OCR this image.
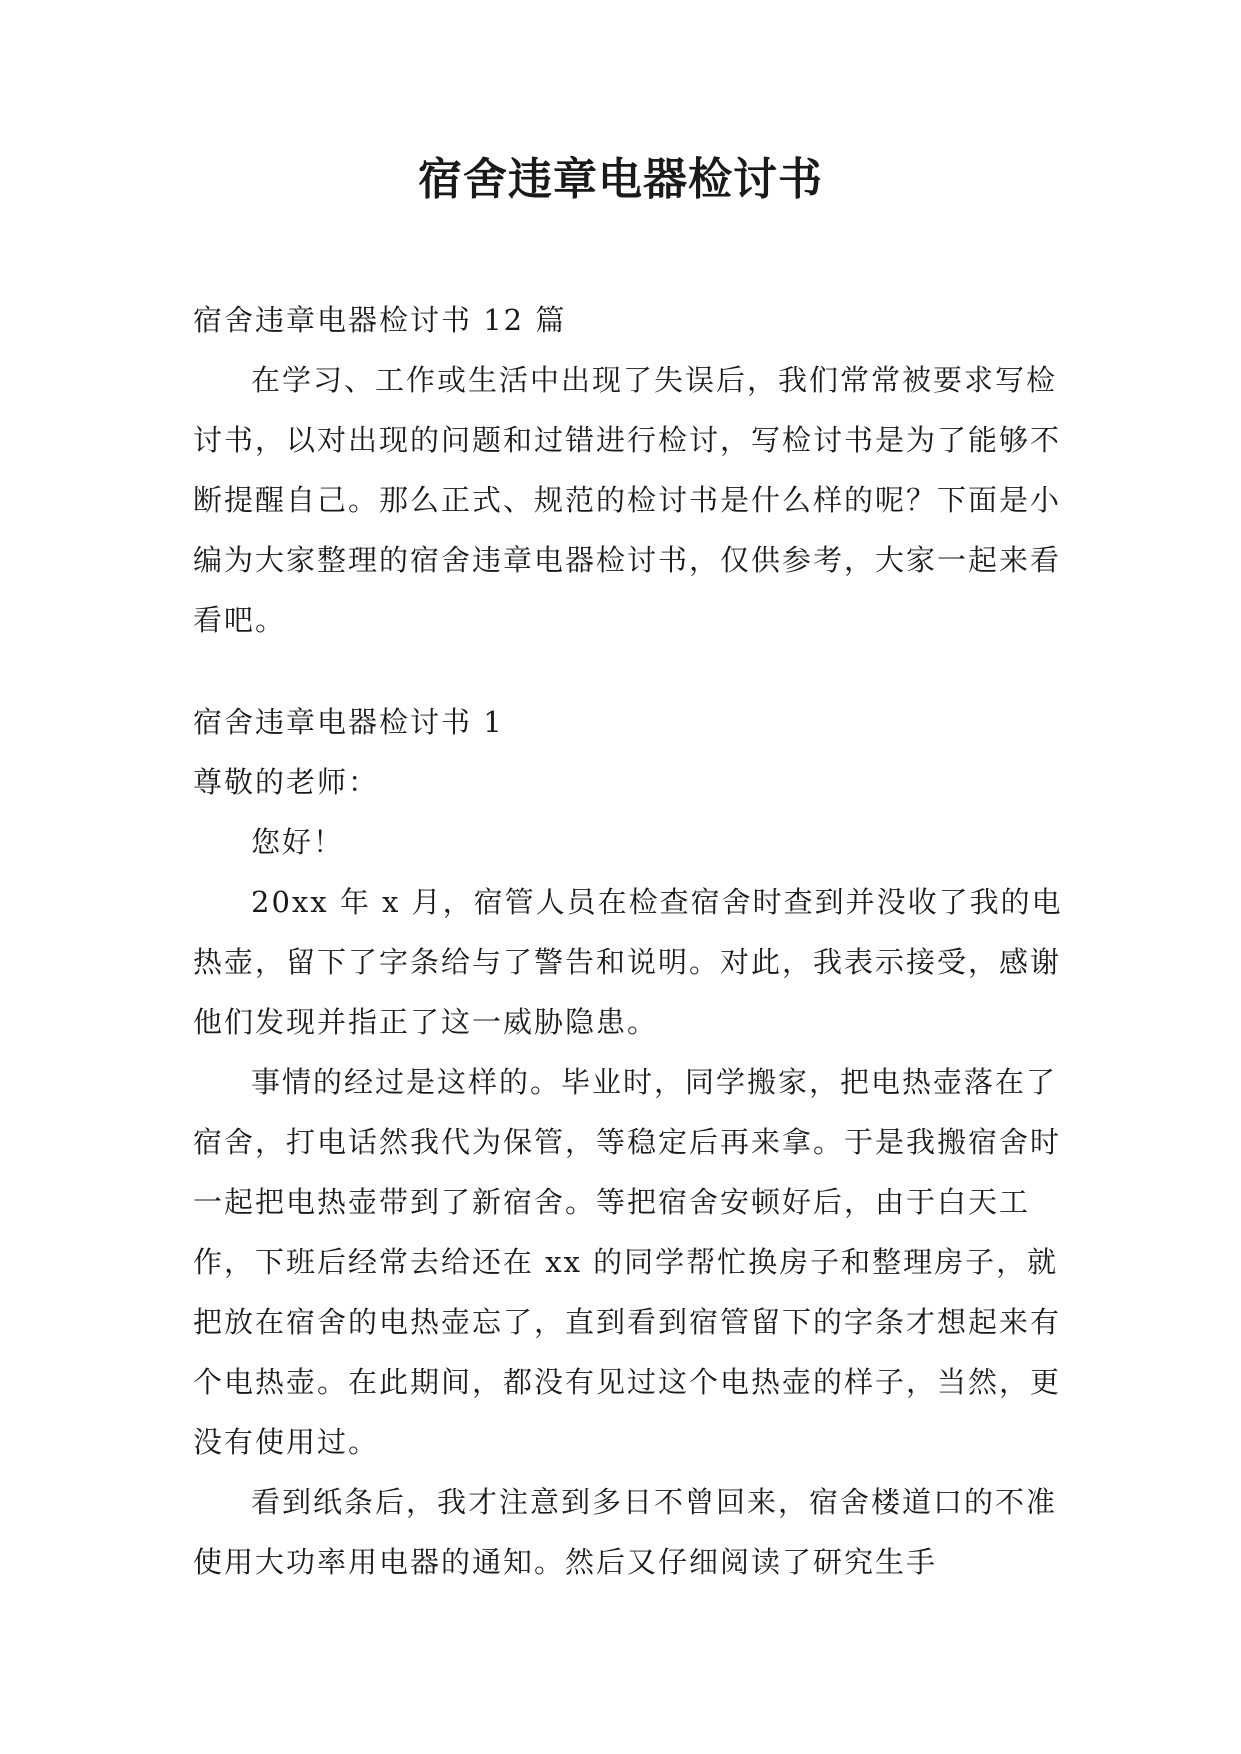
宿舍违章电器检讨书

宿舍违章电器检讨书 12 篇

在学习、工作或生活中出现了失误后，我们常常被要求写检讨书，以对出现的问题和过错进行检讨，写检讨书是为了能够不断提醒自己。那么正式、规范的检讨书是什么样的呢？下面是小编为大家整理的宿舍违章电器检讨书，仅供参考，大家一起来看看吧。

宿舍违章电器检讨书 1

尊敬的老师：

您好！

20xx 年 x 月，宿管人员在检查宿舍时查到并没收了我的电热壶，留下了字条给与了警告和说明。对此，我表示接受，感谢他们发现并指正了这一威胁隐患。

事情的经过是这样的。毕业时，同学搬家，把电热壶落在了宿舍，打电话然我代为保管，等稳定后再来拿。于是我搬宿舍时一起把电热壶带到了新宿舍。等把宿舍安顿好后，由于白天工作，下班后经常去给还在 xx 的同学帮忙换房子和整理房子，就把放在宿舍的电热壶忘了，直到看到宿管留下的字条才想起来有个电热壶。在此期间，都没有见过这个电热壶的样子，当然，更没有使用过。

看到纸条后，我才注意到多日不曾回来，宿舍楼道口的不准使用大功率用电器的通知。然后又仔细阅读了研究生手
